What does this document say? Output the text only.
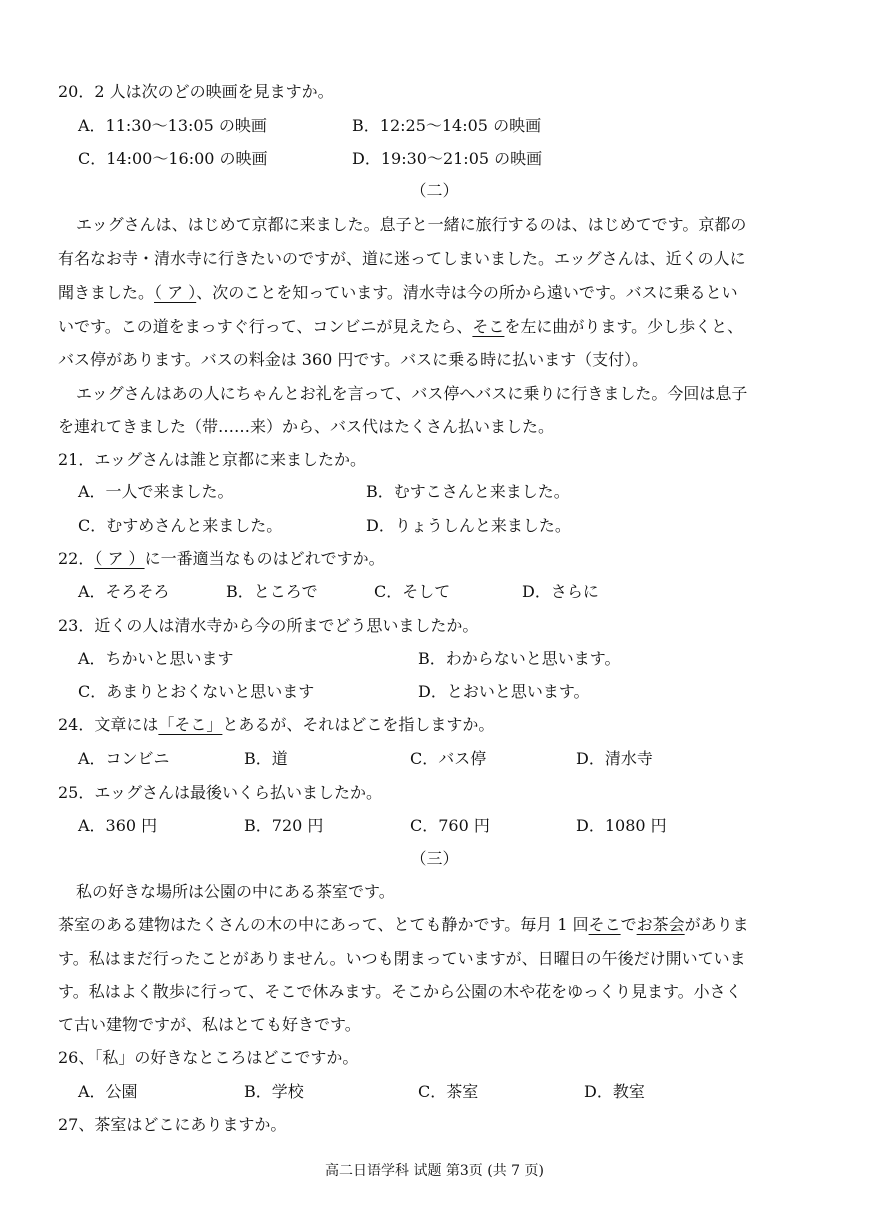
20．2 人は次のどの映画を見ますか。
A．11:30～13:05 の映画	B．12:25～14:05 の映画
C．14:00～16:00 の映画	D．19:30～21:05 の映画
（二）
エッグさんは、はじめて京都に来ました。息子と一緒に旅行するのは、はじめてです。京都の
有名なお寺・清水寺に行きたいのですが、道に迷ってしまいました。エッグさんは、近くの人に
聞きました。（ ア ）、次のことを知っています。清水寺は今の所から遠いです。バスに乗るとい
いです。この道をまっすぐ行って、コンビニが見えたら、そこを左に曲がります。少し歩くと、
バス停があります。バスの料金は 360 円です。バスに乗る時に払います（支付）。
エッグさんはあの人にちゃんとお礼を言って、バス停へバスに乗りに行きました。今回は息子
を連れてきました（带……来）から、バス代はたくさん払いました。
21．エッグさんは誰と京都に来ましたか。
A．一人で来ました。	B．むすこさんと来ました。
C．むすめさんと来ました。	D．りょうしんと来ました。
22．（ ア ）に一番適当なものはどれですか。
A．そろそろ	B．ところで	C．そして	D．さらに
23．近くの人は清水寺から今の所までどう思いましたか。
A．ちかいと思います	B．わからないと思います。
C．あまりとおくないと思います	D．とおいと思います。
24．文章には「そこ」とあるが、それはどこを指しますか。
A．コンビニ	B．道	C．バス停	D．清水寺
25．エッグさんは最後いくら払いましたか。
A．360 円	B．720 円	C．760 円	D．1080 円
（三）
私の好きな場所は公園の中にある茶室です。
茶室のある建物はたくさんの木の中にあって、とても静かです。毎月 1 回そこでお茶会がありま
す。私はまだ行ったことがありません。いつも閉まっていますが、日曜日の午後だけ開いていま
す。私はよく散歩に行って、そこで休みます。そこから公園の木や花をゆっくり見ます。小さく
て古い建物ですが、私はとても好きです。
26、「私」の好きなところはどこですか。
A．公園	B．学校	C．茶室	D．教室
27、茶室はどこにありますか。
高二日语学科 试题 第3页 (共 7 页)
